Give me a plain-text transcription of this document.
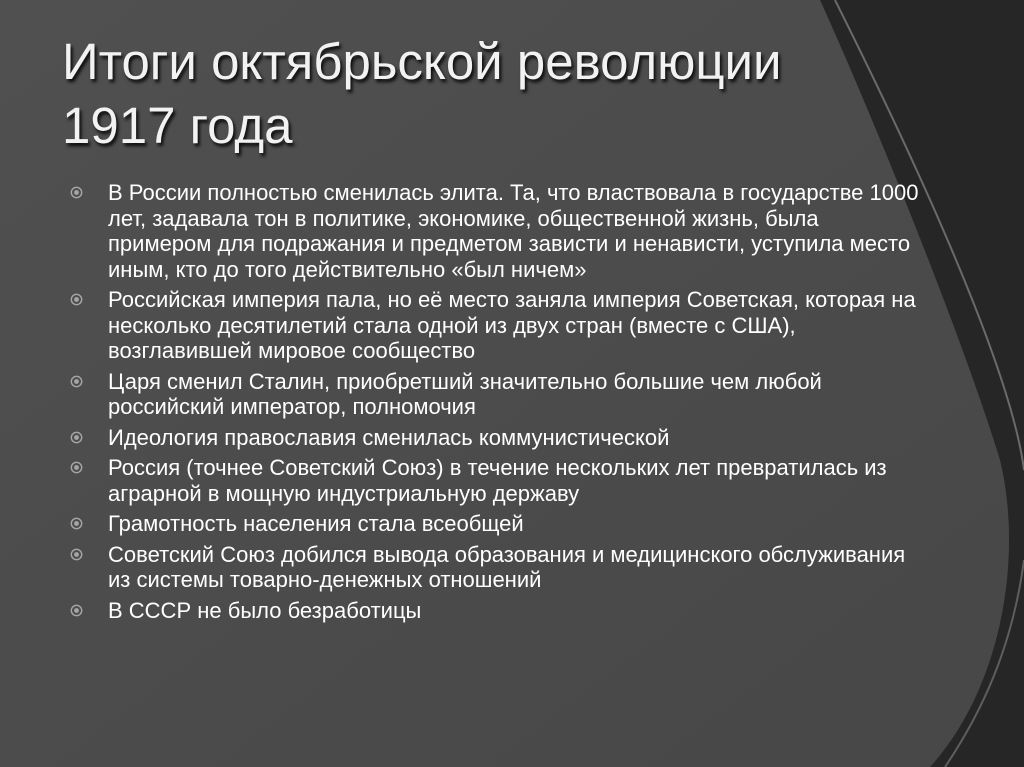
Итоги октябрьской революции
1917 года
В России полностью сменилась элита. Та, что властвовала в государстве 1000 лет, задавала тон в политике, экономике, общественной жизнь, была примером для подражания и предметом зависти и ненависти, уступила место иным, кто до того действительно «был ничем»
Российская империя пала, но её место заняла империя Советская, которая на несколько десятилетий стала одной из двух стран (вместе с США), возглавившей мировое сообщество
Царя сменил Сталин, приобретший значительно большие чем любой российский император, полномочия
Идеология православия сменилась коммунистической
Россия (точнее Советский Союз) в течение нескольких лет превратилась из аграрной в мощную индустриальную державу
Грамотность населения стала всеобщей
Советский Союз добился вывода образования и медицинского обслуживания из системы товарно-денежных отношений
В СССР не было безработицы
